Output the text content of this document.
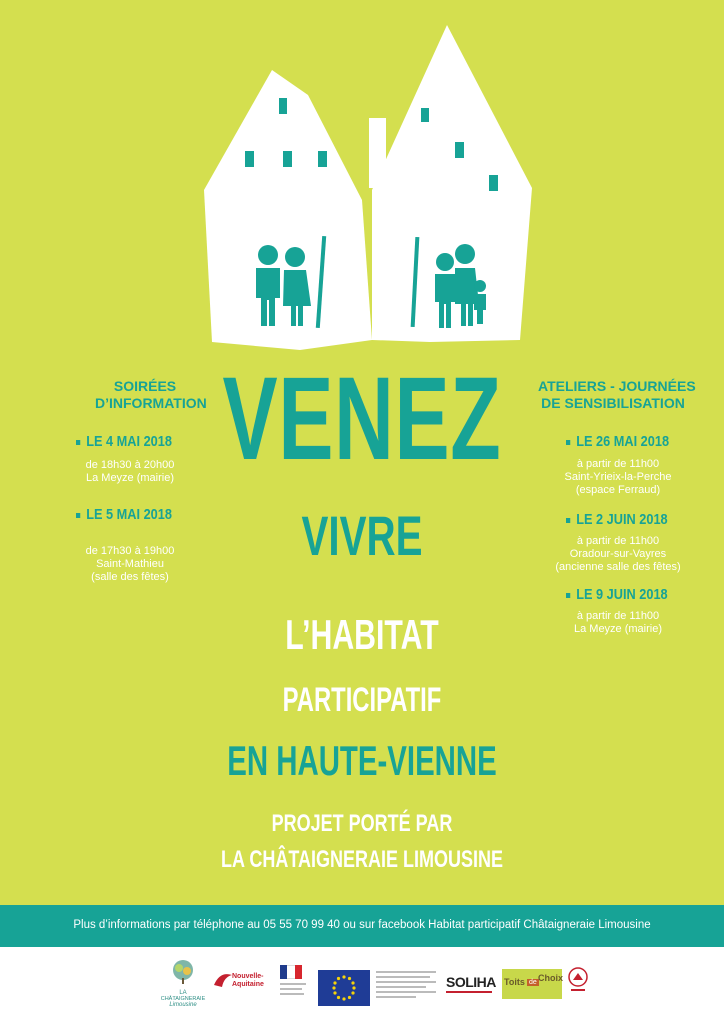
SOIRÉES
D’INFORMATION
LE 4 MAI 2018
de 18h30 à 20h00
La Meyze (mairie)
LE 5 MAI 2018
de 17h30 à 19h00
Saint-Mathieu
(salle des fêtes)
ATELIERS - JOURNÉES
DE SENSIBILISATION
LE 26 MAI 2018
à partir de 11h00
Saint-Yrieix-la-Perche
(espace Ferraud)
LE 2 JUIN 2018
à partir de 11h00
Oradour-sur-Vayres
(ancienne salle des fêtes)
LE 9 JUIN 2018
à partir de 11h00
La Meyze (mairie)
VENEZ
VIVRE
L’HABITAT
PARTICIPATIF
EN HAUTE-VIENNE
PROJET PORTÉ PAR
LA CHÂTAIGNERAIE LIMOUSINE
Plus d’informations par téléphone au 05 55 70 99 40 ou sur facebook Habitat participatif Châtaigneraie Limousine
LA
CHÂTAIGNERAIE
Limousine
Nouvelle-
Aquitaine	SOLIHA Toits de Choix
